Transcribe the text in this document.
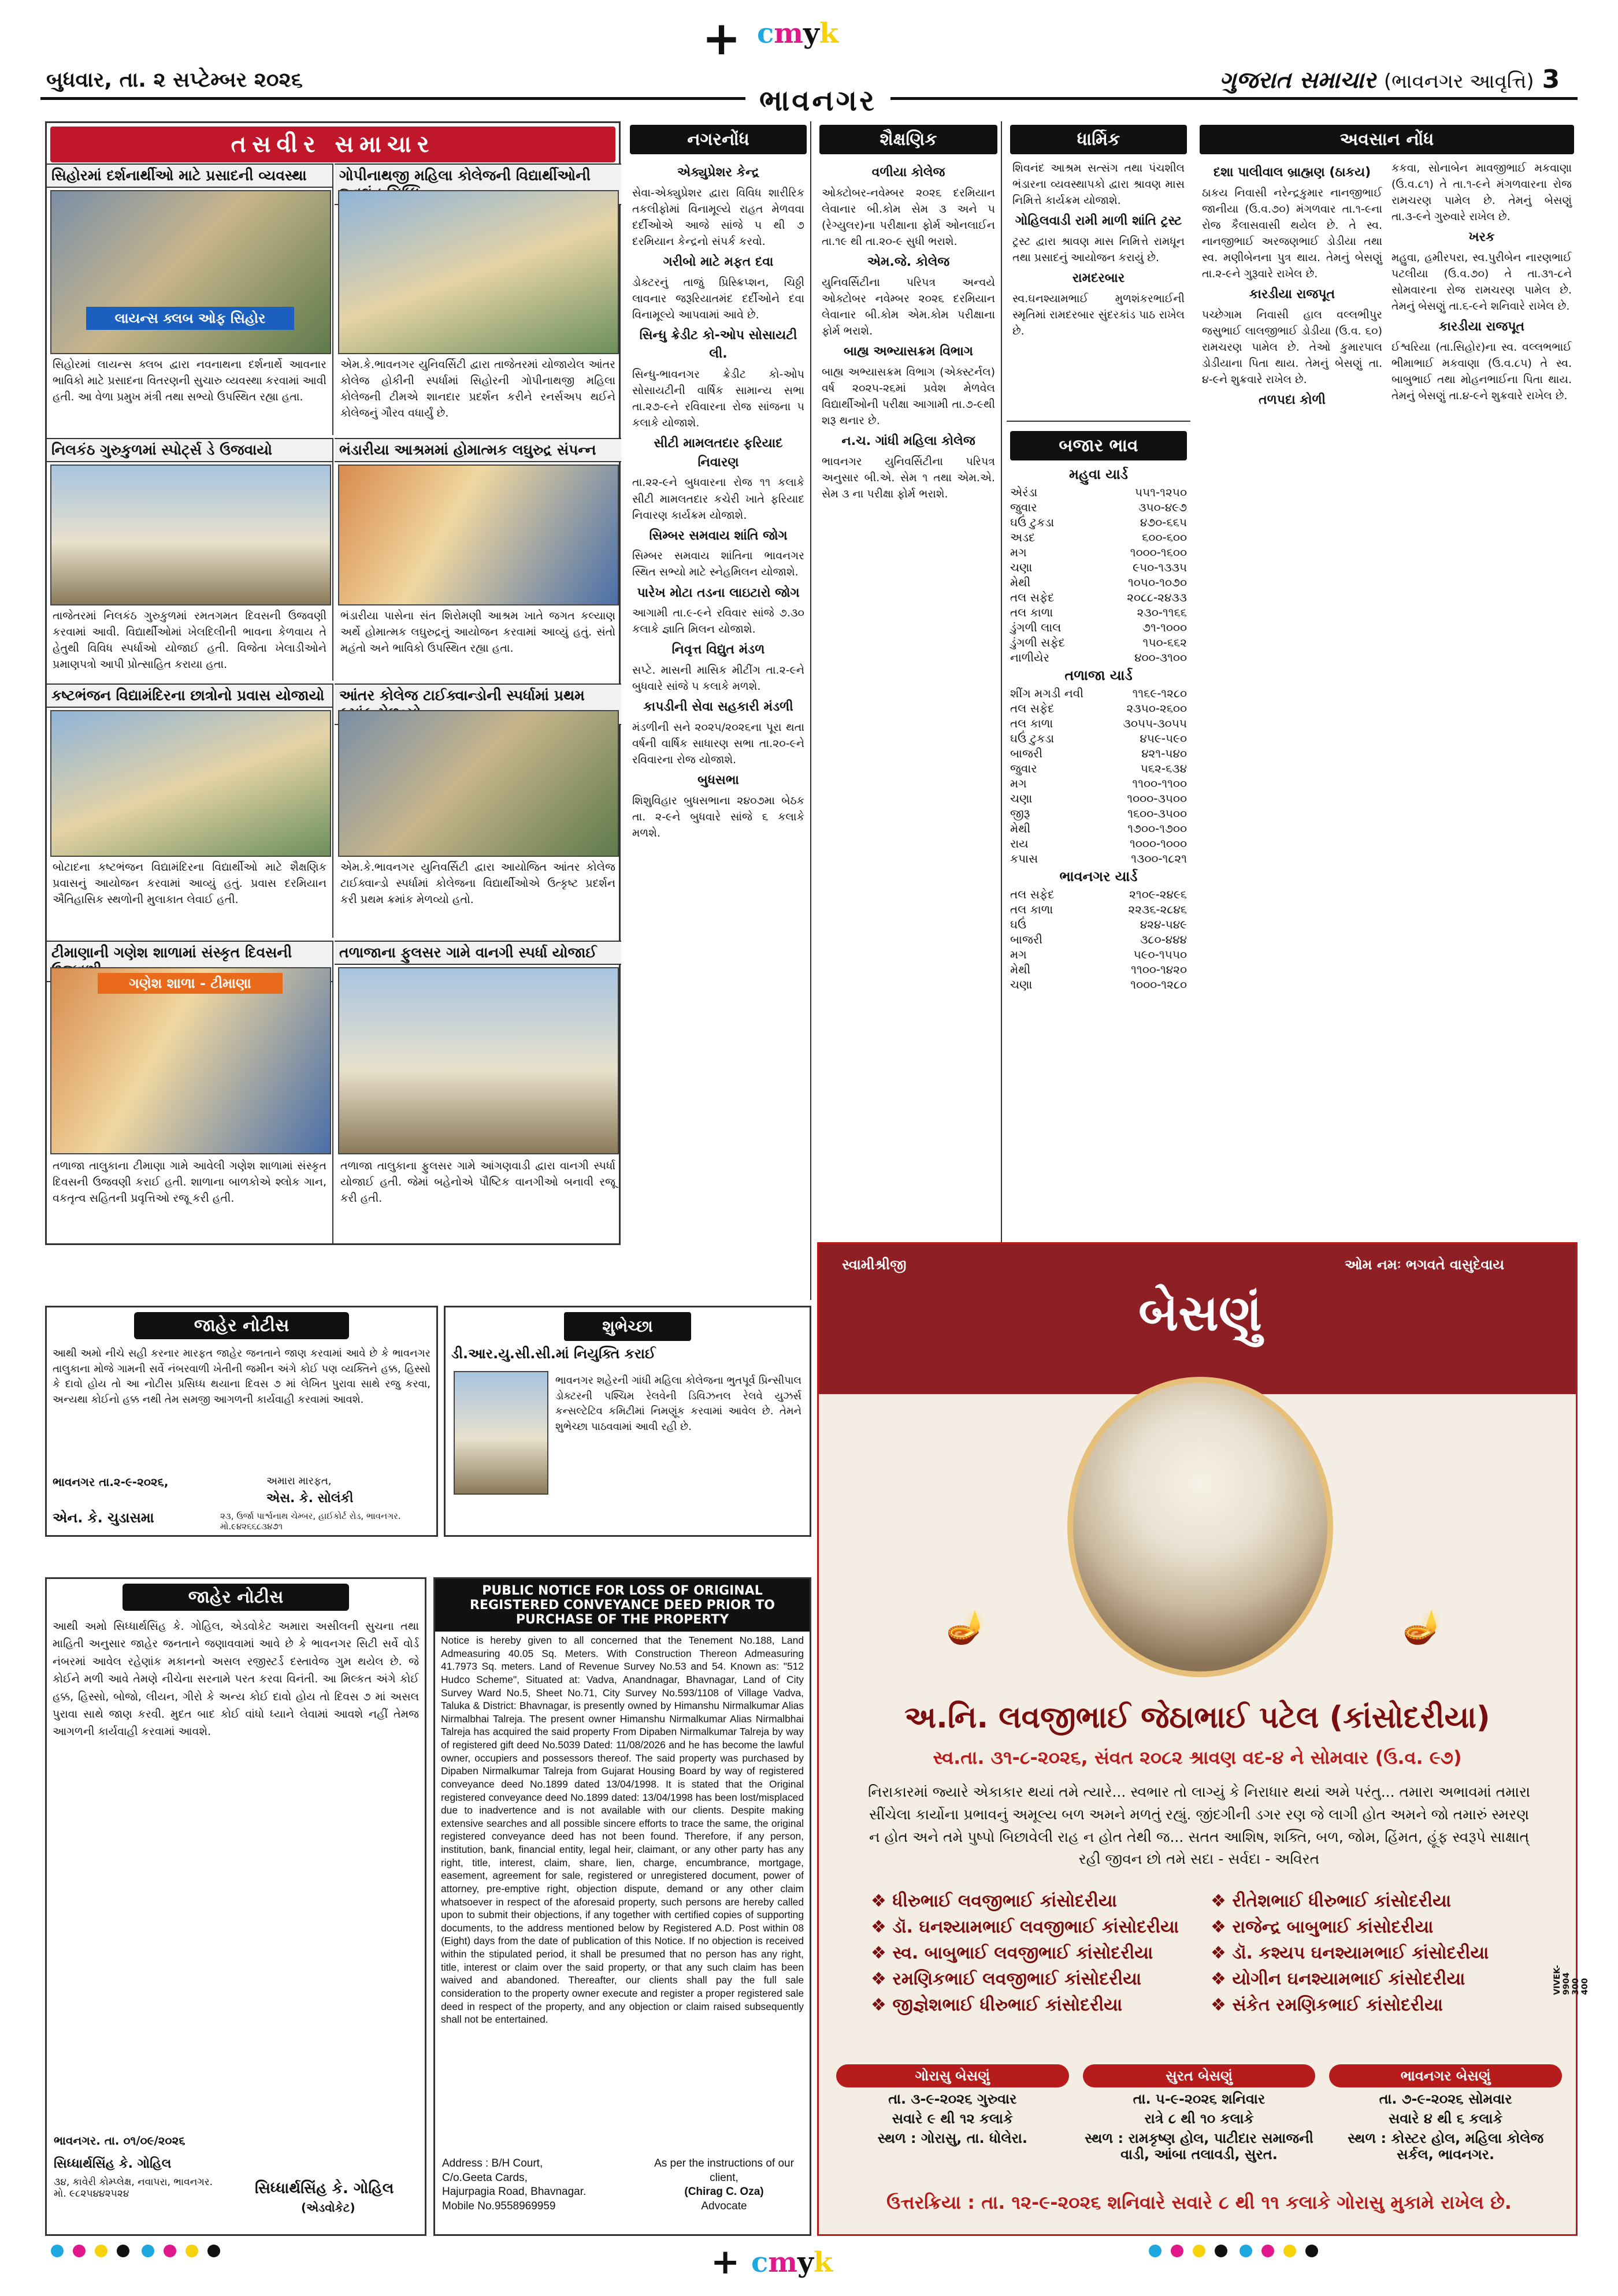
+ cmyk
બુધવાર, તા. ૨ સપ્ટેમ્બર ૨૦૨૬	ગુજરાત સમાચાર (ભાવનગર આવૃત્તિ) 3
ભાવનગર
તસવીર સમાચાર
સિહોરમાં દર્શનાર્થીઓ માટે પ્રસાદની વ્યવસ્થા
લાયન્સ ક્લબ ઓફ સિહોર
સિહોરમાં લાયન્સ ક્લબ દ્વારા નવનાથના દર્શનાર્થે આવનાર ભાવિકો માટે પ્રસાદના વિતરણની સુચારુ વ્યવસ્થા કરવામાં આવી હતી. આ વેળા પ્રમુખ મંત્રી તથા સભ્યો ઉપસ્થિત રહ્યા હતા.
ગોપીનાથજી મહિલા કોલેજની વિદ્યાર્થીઓની
એમ.કે.ભાવનગર યુનિવર્સિટી દ્વારા તાજેતરમાં યોજાયેલ આંતર કોલેજ હોકીની સ્પર્ધામાં સિહોરની ગોપીનાથજી મહિલા કોલેજની ટીમએ શાનદાર પ્રદર્શન કરીને રનર્સઅપ થઈને કોલેજનું ગૌરવ વધાર્યું છે.
નિલકંઠ ગુરુકુળમાં સ્પોર્ટ્સ ડે ઉજવાયો
તાજેતરમાં નિલકંઠ ગુરુકુળમાં રમતગમત દિવસની ઉજવણી કરવામાં આવી. વિદ્યાર્થીઓમાં ખેલદિલીની ભાવના કેળવાય તે હેતુથી વિવિધ સ્પર્ધાઓ યોજાઈ હતી. વિજેતા ખેલાડીઓને પ્રમાણપત્રો આપી પ્રોત્સાહિત કરાયા હતા.
ભંડારીયા આશ્રમમાં હોમાત્મક લઘુરુદ્ર સંપન્ન
ભંડારીયા પાસેના સંત શિરોમણી આશ્રમ ખાતે જગત કલ્યાણ અર્થે હોમાત્મક લઘુરુદ્રનું આયોજન કરવામાં આવ્યું હતું. સંતો મહંતો અને ભાવિકો ઉપસ્થિત રહ્યા હતા.
કષ્ટભંજન વિદ્યામંદિરના છાત્રોનો પ્રવાસ યોજાયો
બોટાદના કષ્ટભંજન વિદ્યામંદિરના વિદ્યાર્થીઓ માટે શૈક્ષણિક પ્રવાસનું આયોજન કરવામાં આવ્યું હતું. પ્રવાસ દરમિયાન ઐતિહાસિક સ્થળોની મુલાકાત લેવાઈ હતી.
આંતર કોલેજ ટાઈક્વાન્ડોની સ્પર્ધામાં પ્રથમ
એમ.કે.ભાવનગર યુનિવર્સિટી દ્વારા આયોજિત આંતર કોલેજ ટાઈક્વાન્ડો સ્પર્ધામાં કોલેજના વિદ્યાર્થીઓએ ઉત્કૃષ્ટ પ્રદર્શન કરી પ્રથમ ક્રમાંક મેળવ્યો હતો.
ટીમાણાની ગણેશ શાળામાં સંસ્કૃત દિવસની
ગણેશ શાળા - ટીમાણા
તળાજા તાલુકાના ટીમાણા ગામે આવેલી ગણેશ શાળામાં સંસ્કૃત દિવસની ઉજવણી કરાઈ હતી. શાળાના બાળકોએ શ્લોક ગાન, વકતૃત્વ સહિતની પ્રવૃત્તિઓ રજૂ કરી હતી.
તળાજાના ફુલસર ગામે વાનગી સ્પર્ધા યોજાઈ
તળાજા તાલુકાના ફુલસર ગામે આંગણવાડી દ્વારા વાનગી સ્પર્ધા યોજાઈ હતી. જેમાં બહેનોએ પૌષ્ટિક વાનગીઓ બનાવી રજૂ કરી હતી.
નગરનોંધ
એક્યુપ્રેશર કેન્દ્ર

સેવા-એક્યુપ્રેશર દ્વારા વિવિધ શારીરિક તકલીફોમાં વિનામૂલ્યે રાહત મેળવવા દર્દીઓએ આજે સાંજે ૫ થી ૭ દરમિયાન કેન્દ્રનો સંપર્ક કરવો.

ગરીબો માટે મફત દવા

ડોક્ટરનું તાજું પ્રિસ્ક્રિપ્શન, ચિઠ્ઠી લાવનાર જરૂરિયાતમંદ દર્દીઓને દવા વિનામૂલ્યે આપવામાં આવે છે.

સિન્ધુ ક્રેડીટ કો-ઓપ સોસાયટી લી.

સિન્ધુ-ભાવનગર ક્રેડીટ કો-ઓપ સોસાયટીની વાર્ષિક સામાન્ય સભા તા.૨૭-૯ને રવિવારના રોજ સાંજના ૫ કલાકે યોજાશે.

સીટી મામલતદાર ફરિયાદ નિવારણ

તા.૨૨-૯ને બુધવારના રોજ ૧૧ કલાકે સીટી મામલતદાર કચેરી ખાતે ફરિયાદ નિવારણ કાર્યક્રમ યોજાશે.

સિમ્બર સમવાય શાંતિ જોગ

સિમ્બર સમવાય શાંતિના ભાવનગર સ્થિત સભ્યો માટે સ્નેહમિલન યોજાશે.

પારેખ મોટા તડના લાઇટારો જોગ

આગામી તા.૯-૯ને રવિવાર સાંજે ૭.૩૦ કલાકે જ્ઞાતિ મિલન યોજાશે.

નિવૃત્ત વિદ્યુત મંડળ

સપ્ટે. માસની માસિક મીટીંગ તા.૨-૯ને બુધવારે સાંજે ૫ કલાકે મળશે.

કાપડીની સેવા સહકારી મંડળી

મંડળીની સને ૨૦૨૫/૨૦૨૬ના પૂરા થતા વર્ષની વાર્ષિક સાધારણ સભા તા.૨૦-૯ને રવિવારના રોજ યોજાશે.

બુધસભા

શિશુવિહાર બુધસભાના ૨૪૦૭મા બેઠક તા. ૨-૯ને બુધવારે સાંજે ૬ કલાકે મળશે.

શૈક્ષણિક
વળીયા કોલેજ

ઓક્ટોબર-નવેમ્બર ૨૦૨૬ દરમિયાન લેવાનાર બી.કોમ સેમ ૩ અને ૫ (રેગ્યુલર)ના પરીક્ષાના ફોર્મ ઓનલાઈન તા.૧૯ થી તા.૨૦-૯ સુધી ભરાશે.

એમ.જે. કોલેજ

યુનિવર્સિટીના પરિપત્ર અન્વયે ઓક્ટોબર નવેમ્બર ૨૦૨૬ દરમિયાન લેવાનાર બી.કોમ એમ.કોમ પરીક્ષાના ફોર્મ ભરાશે.

બાહ્ય અભ્યાસક્રમ વિભાગ

બાહ્ય અભ્યાસક્રમ વિભાગ (એક્સ્ટર્નલ) વર્ષ ૨૦૨૫-૨૬માં પ્રવેશ મેળવેલ વિદ્યાર્થીઓની પરીક્ષા આગામી તા.૭-૯થી શરૂ થનાર છે.

ન.ચ. ગાંધી મહિલા કોલેજ

ભાવનગર યુનિવર્સિટીના પરિપત્ર અનુસાર બી.એ. સેમ ૧ તથા એમ.એ. સેમ ૩ ના પરીક્ષા ફોર્મ ભરાશે.

ધાર્મિક

શિવનંદ આશ્રમ સત્સંગ તથા પંચશીલ ભંડારના વ્યવસ્થાપકો દ્વારા શ્રાવણ માસ નિમિત્તે કાર્યક્રમ યોજાશે.

ગોહિલવાડી રામી માળી શાંતિ ટ્રસ્ટ

ટ્રસ્ટ દ્વારા શ્રાવણ માસ નિમિત્તે રામધૂન તથા પ્રસાદનું આયોજન કરાયું છે.

રામદરબાર

સ્વ.ઘનશ્યામભાઈ મુળશંકરભાઈની સ્મૃતિમાં રામદરબાર સુંદરકાંડ પાઠ રાખેલ છે.

બજાર ભાવ
મહુવા યાર્ડ
એરંડા	૫૫૧-૧૨૫૦
જુવાર	૩૫૦-૪૯૭
ઘઉં ટુકડા	૪૭૦-૬૬૫
અડદ	૬૦૦-૬૦૦
મગ	૧૦૦૦-૧૬૦૦
ચણા	૯૫૦-૧૩૩૫
મેથી	૧૦૫૦-૧૦૭૦
તલ સફેદ	૨૦૮૮-૨૪૩૩
તલ કાળા	૨૩૦-૧૧૬૬
ડુંગળી લાલ	૭૧-૧૦૦૦
ડુંગળી સફેદ	૧૫૦-૬૬૨
નાળીયેર	૪૦૦-૩૧૦૦
તળાજા યાર્ડ
શીંગ મગડી નવી	૧૧૬૯-૧૨૮૦
તલ સફેદ	૨૩૫૦-૨૬૦૦
તલ કાળા	૩૦૫૫-૩૦૫૫
ઘઉં ટુકડા	૪૫૯-૫૯૦
બાજરી	૪૨૧-૫૪૦
જુવાર	૫૬૨-૬૩૪
મગ	૧૧૦૦-૧૧૦૦
ચણા	૧૦૦૦-૩૫૦૦
જીરૂ	૧૬૦૦-૩૫૦૦
મેથી	૧૭૦૦-૧૭૦૦
રાય	૧૦૦૦-૧૦૦૦
કપાસ	૧૩૦૦-૧૮૨૧
ભાવનગર યાર્ડ
તલ સફેદ	૨૧૦૯-૨૪૯૬
તલ કાળા	૨૨૩૬-૨૮૪૬
ઘઉં	૪૨૪-૫૪૯
બાજરી	૩૮૦-૪૪૪
મગ	૫૯૦-૧૫૫૦
મેથી	૧૧૦૦-૧૪૨૦
ચણા	૧૦૦૦-૧૨૮૦
અવસાન નોંધ
દશા પાલીવાલ બ્રાહ્મણ (ઠાકય)

ઠાકય નિવાસી નરેન્દ્રકુમાર નાનજીભાઈ જાનીયા (ઉ.વ.૭૦) મંગળવાર તા.૧-૯ના રોજ કૈલાસવાસી થયેલ છે. તે સ્વ. નાનજીભાઈ અરજણભાઈ ડોડીયા તથા સ્વ. મણીબેનના પુત્ર થાય. તેમનું બેસણું તા.૨-૯ને ગુરૂવારે રાખેલ છે.

કારડીયા રાજપૂત

પચ્છેગામ નિવાસી હાલ વલ્લભીપુર જસુભાઈ લાલજીભાઈ ડોડીયા (ઉ.વ. ૬૦) રામચરણ પામેલ છે. તેઓ કુમારપાલ ડોડીયાના પિતા થાય. તેમનું બેસણું તા. ૪-૯ને શુક્રવારે રાખેલ છે.

તળપદા કોળી

કકવા, સોનાબેન માવજીભાઈ મકવાણા (ઉ.વ.૮૧) તે તા.૧-૯ને મંગળવારના રોજ રામચરણ પામેલ છે. તેમનું બેસણું તા.૩-૯ને ગુરુવારે રાખેલ છે.

ખરક

મહુવા, હમીરપરા, સ્વ.પુરીબેન નારણભાઈ પટલીયા (ઉ.વ.૭૦) તે તા.૩૧-૮ને સોમવારના રોજ રામચરણ પામેલ છે. તેમનું બેસણું તા.૬-૯ને શનિવારે રાખેલ છે.

કારડીયા રાજપૂત

ઈશ્વરિયા (તા.સિહોર)ના સ્વ. વલ્લભભાઈ ભીમાભાઈ મકવાણા (ઉ.વ.૮૫) તે સ્વ. બાબુભાઈ તથા મોહનભાઈના પિતા થાય. તેમનું બેસણું તા.૪-૯ને શુક્રવારે રાખેલ છે.

જાહેર નોટીસ
આથી અમો નીચે સહી કરનાર મારફત જાહેર જનતાને જાણ કરવામાં આવે છે કે ભાવનગર તાલુકાના મોજે ગામની સર્વે નંબરવાળી ખેતીની જમીન અંગે કોઈ પણ વ્યક્તિને હક્ક, હિસ્સો કે દાવો હોય તો આ નોટીસ પ્રસિધ્ધ થયાના દિવસ ૭ માં લેખિત પુરાવા સાથે રજુ કરવા, અન્યથા કોઈનો હક્ક નથી તેમ સમજી આગળની કાર્યવાહી કરવામાં આવશે.
ભાવનગર તા.૨-૯-૨૦૨૬,	અમારા મારફત,
એસ. કે. સોલંકી
એન. કે. ચુડાસમા	૨૩, ઉર્જા પાર્શ્વનાથ ચેમ્બર, હાઈકોર્ટ રોડ, ભાવનગર. મો.૯૪૨૬૬૮૩૪૭૧
શુભેચ્છા
ડી.આર.યુ.સી.સી.માં નિયુક્તિ કરાઈ
ભાવનગર શહેરની ગાંધી મહિલા કોલેજના ભુતપૂર્વ પ્રિન્સીપાલ ડોક્ટરની પશ્ચિમ રેલવેની ડિવિઝનલ રેલવે યુઝર્સ કન્સલ્ટેટિવ કમિટીમાં નિમણૂંક કરવામાં આવેલ છે. તેમને શુભેચ્છા પાઠવવામાં આવી રહી છે.
જાહેર નોટીસ
આથી અમો સિધ્ધાર્થસિંહ કે. ગોહિલ, એડવોકેટ અમારા અસીલની સુચના તથા માહિતી અનુસાર જાહેર જનતાને જણાવવામાં આવે છે કે ભાવનગર સિટી સર્વે વોર્ડ નંબરમાં આવેલ રહેણાંક મકાનનો અસલ રજીસ્ટર્ડ દસ્તાવેજ ગુમ થયેલ છે. જે કોઈને મળી આવે તેમણે નીચેના સરનામે પરત કરવા વિનંતી. આ મિલ્કત અંગે કોઈ હક્ક, હિસ્સો, બોજો, લીયન, ગીરો કે અન્ય કોઈ દાવો હોય તો દિવસ ૭ માં અસલ પુરાવા સાથે જાણ કરવી. મુદત બાદ કોઈ વાંધો ધ્યાને લેવામાં આવશે નહીં તેમજ આગળની કાર્યવાહી કરવામાં આવશે.
ભાવનગર. તા. ૦૧/૦૯/૨૦૨૬
સિધ્ધાર્થસિંહ કે. ગોહિલ
૩૪, કાવેરી કોમ્પ્લેક્ષ, નવાપરા, ભાવનગર. મો. ૯૮૨૫૪૪૨૫૨૪	સિધ્ધાર્થસિંહ કે. ગોહિલ
(એડવોકેટ)
PUBLIC NOTICE FOR LOSS OF ORIGINAL REGISTERED CONVEYANCE DEED PRIOR TO PURCHASE OF THE PROPERTY
Notice is hereby given to all concerned that the Tenement No.188, Land Admeasuring 40.05 Sq. Meters. With Construction Thereon Admeasuring 41.7973 Sq. meters. Land of Revenue Survey No.53 and 54. Known as: "512 Hudco Scheme", Situated at: Vadva, Anandnagar, Bhavnagar, Land of City Survey Ward No.5, Sheet No.71, City Survey No.593/1108 of Village Vadva, Taluka & District: Bhavnagar, is presently owned by Himanshu Nirmalkumar Alias Nirmalbhai Talreja. The present owner Himanshu Nirmalkumar Alias Nirmalbhai Talreja has acquired the said property From Dipaben Nirmalkumar Talreja by way of registered gift deed No.5039 Dated: 11/08/2026 and he has become the lawful owner, occupiers and possessors thereof. The said property was purchased by Dipaben Nirmalkumar Talreja from Gujarat Housing Board by way of registered conveyance deed No.1899 dated 13/04/1998. It is stated that the Original registered conveyance deed No.1899 dated: 13/04/1998 has been lost/misplaced due to inadvertence and is not available with our clients. Despite making extensive searches and all possible sincere efforts to trace the same, the original registered conveyance deed has not been found. Therefore, if any person, institution, bank, financial entity, legal heir, claimant, or any other party has any right, title, interest, claim, share, lien, charge, encumbrance, mortgage, easement, agreement for sale, registered or unregistered document, power of attorney, pre-emptive right, objection dispute, demand or any other claim whatsoever in respect of the aforesaid property, such persons are hereby called upon to submit their objections, if any together with certified copies of supporting documents, to the address mentioned below by Registered A.D. Post within 08 (Eight) days from the date of publication of this Notice. If no objection is received within the stipulated period, it shall be presumed that no person has any right, title, interest or claim over the said property, or that any such claim has been waived and abandoned. Thereafter, our clients shall pay the full sale consideration to the property owner execute and register a proper registered sale deed in respect of the property, and any objection or claim raised subsequently shall not be entertained.
Address : B/H Court,
C/o.Geeta Cards,
Hajurpagia Road, Bhavnagar.
Mobile No.9558969959
As per the instructions of our client,
(Chirag C. Oza)
Advocate
સ્વામીશ્રીજી	ઓમ નમઃ ભગવતે વાસુદેવાય
બેસણું
🪔	🪔
અ.નિ. લવજીભાઈ જેઠાભાઈ પટેલ (કાંસોદરીયા)
સ્વ.તા. ૩૧-૮-૨૦૨૬, સંવત ૨૦૮૨ શ્રાવણ વદ-૪ ને સોમવાર (ઉ.વ. ૯૭)
નિરાકારમાં જ્યારે એકાકાર થયાં તમે ત્યારે... સ્વભાર તો લાગ્યું કે નિરાધાર થયાં અમે પરંતુ... તમારા અભાવમાં તમારા સીંચેલા કાર્યોના પ્રભાવનું અમૂલ્ય બળ અમને મળતું રહ્યું. જીંદગીની ડગર રણ જે લાગી હોત અમને જો તમારું સ્મરણ ન હોત અને તમે પુષ્પો બિછાવેલી રાહ ન હોત તેથી જ... સતત આશિષ, શક્તિ, બળ, જોમ, હિંમત, હૂંફ સ્વરૂપે સાક્ષાત્ રહી જીવન છો તમે સદા - સર્વદા - અવિરત
❖ ધીરુભાઈ લવજીભાઈ કાંસોદરીયા	❖ રીતેશભાઈ ધીરુભાઈ કાંસોદરીયા
❖ ડૉ. ઘનશ્યામભાઈ લવજીભાઈ કાંસોદરીયા	❖ રાજેન્દ્ર બાબુભાઈ કાંસોદરીયા
❖ સ્વ. બાબુભાઈ લવજીભાઈ કાંસોદરીયા	❖ ડૉ. કશ્યપ ઘનશ્યામભાઈ કાંસોદરીયા
❖ રમણિકભાઈ લવજીભાઈ કાંસોદરીયા	❖ યોગીન ઘનશ્યામભાઈ કાંસોદરીયા
❖ જીજ્ઞેશભાઈ ધીરુભાઈ કાંસોદરીયા	❖ સંકેત રમણિકભાઈ કાંસોદરીયા
ગોરાસુ બેસણું
તા. ૩-૯-૨૦૨૬ ગુરુવાર
સવારે ૯ થી ૧૨ કલાકે
સ્થળ : ગોરાસુ, તા. ધોલેરા.
સુરત બેસણું
તા. ૫-૯-૨૦૨૬ શનિવાર
રાત્રે ૮ થી ૧૦ કલાકે
સ્થળ : રામકૃષ્ણ હોલ, પાટીદાર સમાજની વાડી, આંબા તલાવડી, સુરત.
ભાવનગર બેસણું
તા. ૭-૯-૨૦૨૬ સોમવાર
સવારે ૪ થી ૬ કલાકે
સ્થળ : કોસ્ટર હોલ, મહિલા કોલેજ સર્કલ, ભાવનગર.
ઉત્તરક્રિયા : તા. ૧૨-૯-૨૦૨૬ શનિવારે સવારે ૮ થી ૧૧ કલાકે ગોરાસુ મુકામે રાખેલ છે.
VIVEK-9904 300 400

+ cmyk
